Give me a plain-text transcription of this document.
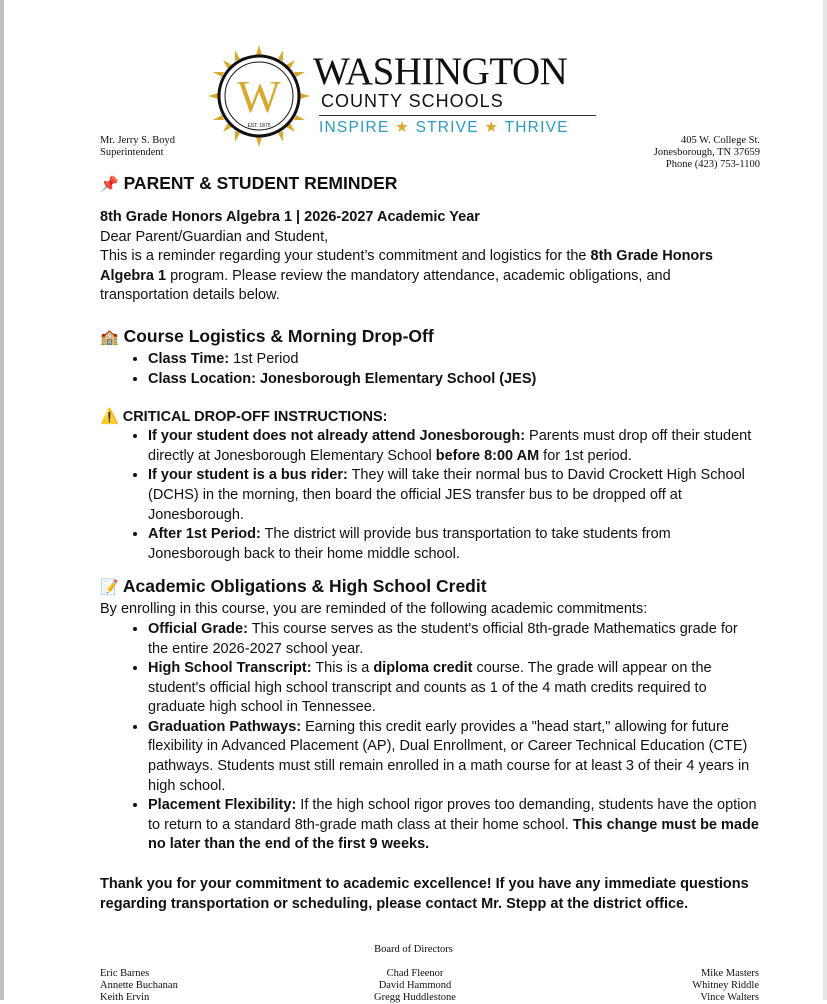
W
EST. 1875
WASHINGTON
COUNTY SCHOOLS
INSPIRE ★ STRIVE ★ THRIVE
Mr. Jerry S. Boyd
Superintendent
405 W. College St.
Jonesborough, TN 37659
Phone (423) 753-1100
📌 PARENT & STUDENT REMINDER

8th Grade Honors Algebra 1 | 2026-2027 Academic Year

Dear Parent/Guardian and Student,

This is a reminder regarding your student’s commitment and logistics for the 8th Grade Honors Algebra 1 program. Please review the mandatory attendance, academic obligations, and transportation details below.

🏫 Course Logistics & Morning Drop-Off
• Class Time: 1st Period
• Class Location: Jonesborough Elementary School (JES)
⚠️ CRITICAL DROP-OFF INSTRUCTIONS:
• If your student does not already attend Jonesborough: Parents must drop off their student directly at Jonesborough Elementary School before 8:00 AM for 1st period.
• If your student is a bus rider: They will take their normal bus to David Crockett High School (DCHS) in the morning, then board the official JES transfer bus to be dropped off at Jonesborough.
• After 1st Period: The district will provide bus transportation to take students from Jonesborough back to their home middle school.
📝 Academic Obligations & High School Credit

By enrolling in this course, you are reminded of the following academic commitments:

• Official Grade: This course serves as the student's official 8th-grade Mathematics grade for the entire 2026-2027 school year.
• High School Transcript: This is a diploma credit course. The grade will appear on the student's official high school transcript and counts as 1 of the 4 math credits required to graduate high school in Tennessee.
• Graduation Pathways: Earning this credit early provides a "head start," allowing for future flexibility in Advanced Placement (AP), Dual Enrollment, or Career Technical Education (CTE) pathways. Students must still remain enrolled in a math course for at least 3 of their 4 years in high school.
• Placement Flexibility: If the high school rigor proves too demanding, students have the option to return to a standard 8th-grade math class at their home school. This change must be made no later than the end of the first 9 weeks.

Thank you for your commitment to academic excellence! If you have any immediate questions regarding transportation or scheduling, please contact Mr. Stepp at the district office.

Board of Directors
Eric Barnes
Annette Buchanan
Keith Ervin
Chad Fleenor
David Hammond
Gregg Huddlestone
Mike Masters
Whitney Riddle
Vince Walters
